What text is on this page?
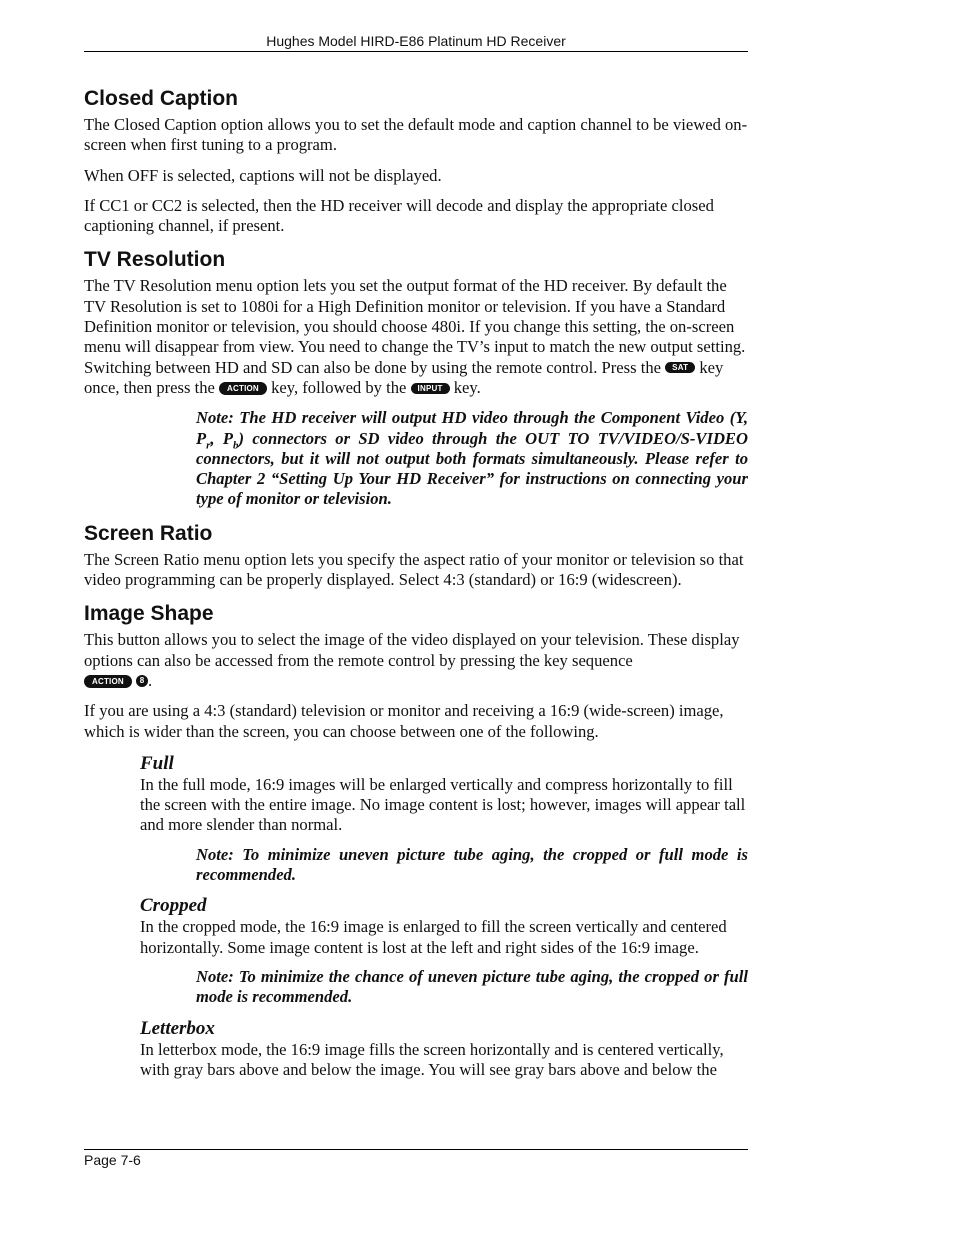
Hughes Model HIRD-E86 Platinum HD Receiver
Closed Caption

The Closed Caption option allows you to set the default mode and caption channel to be viewed on-screen when first tuning to a program.

When OFF is selected, captions will not be displayed.

If CC1 or CC2 is selected, then the HD receiver will decode and display the appropriate closed captioning channel, if present.

TV Resolution

The TV Resolution menu option lets you set the output format of the HD receiver. By default the TV Resolution is set to 1080i for a High Definition monitor or television. If you have a Standard Definition monitor or television, you should choose 480i. If you change this setting, the on-screen menu will disappear from view. You need to change the TV’s input to match the new output setting. Switching between HD and SD can also be done by using the remote control. Press the SAT key once, then press the ACTION key, followed by the INPUT key.

Note: The HD receiver will output HD video through the Component Video (Y, $P_r$, $P_b$) connectors or SD video through the OUT TO TV/VIDEO/S-VIDEO connectors, but it will not output both formats simultaneously. Please refer to Chapter 2 “Setting Up Your HD Receiver” for instructions on connecting your type of monitor or television.

Screen Ratio

The Screen Ratio menu option lets you specify the aspect ratio of your monitor or television so that video programming can be properly displayed. Select 4:3 (standard) or 16:9 (widescreen).

Image Shape

This button allows you to select the image of the video displayed on your television. These display options can also be accessed from the remote control by pressing the key sequence
ACTION 8 .

If you are using a 4:3 (standard) television or monitor and receiving a 16:9 (wide-screen) image, which is wider than the screen, you can choose between one of the following.

Full

In the full mode, 16:9 images will be enlarged vertically and compress horizontally to fill the screen with the entire image. No image content is lost; however, images will appear tall and more slender than normal.

Note: To minimize uneven picture tube aging, the cropped or full mode is recommended.

Cropped

In the cropped mode, the 16:9 image is enlarged to fill the screen vertically and centered horizontally. Some image content is lost at the left and right sides of the 16:9 image.

Note: To minimize the chance of uneven picture tube aging, the cropped or full mode is recommended.

Letterbox

In letterbox mode, the 16:9 image fills the screen horizontally and is centered vertically, with gray bars above and below the image. You will see gray bars above and below the

Page 7-6
